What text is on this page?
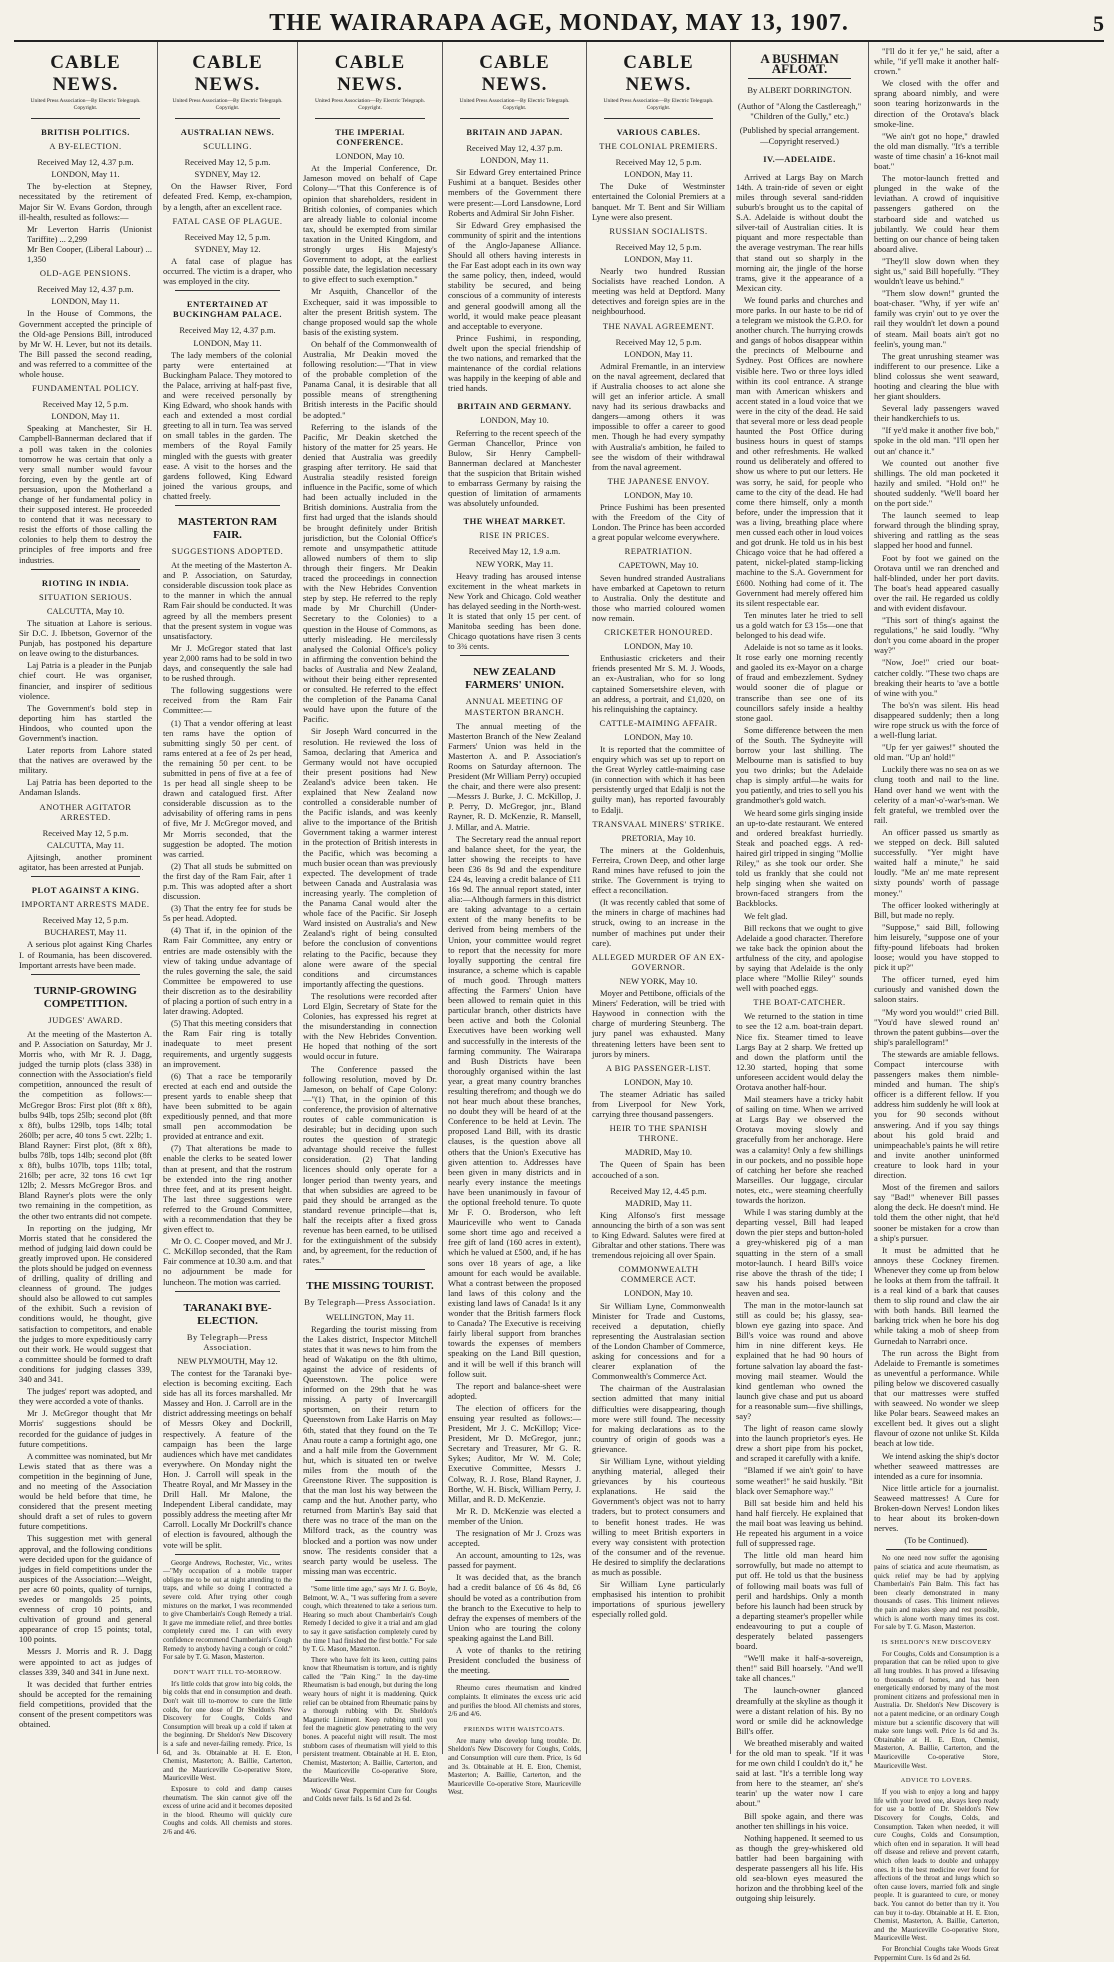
THE WAIRARAPA AGE, MONDAY, MAY 13, 1907.	5
CABLE NEWS.
United Press Association—By Electric Telegraph. Copyright.
BRITISH POLITICS.
A BY-ELECTION.
Received May 12, 4.37 p.m.
LONDON, May 11.

The by-election at Stepney, necessitated by the retirement of Major Sir W. Evans Gordon, through ill-health, resulted as follows:—

Mr Leverton Harris (Unionist Tariffite) ... 2,299
Mr Ben Cooper, (Liberal Labour) ... 1,350
OLD-AGE PENSIONS.
Received May 12, 4.37 p.m.
LONDON, May 11.

In the House of Commons, the Government accepted the principle of the Old-age Pensions Bill, introduced by Mr W. H. Lever, but not its details. The Bill passed the second reading, and was referred to a committee of the whole house.

FUNDAMENTAL POLICY.
Received May 12, 5 p.m.
LONDON, May 11.

Speaking at Manchester, Sir H. Campbell-Bannerman declared that if a poll was taken in the colonies tomorrow he was certain that only a very small number would favour forcing, even by the gentle art of persuasion, upon the Motherland a change of her fundamental policy in their supposed interest. He proceeded to contend that it was necessary to resist the efforts of those calling the colonies to help them to destroy the principles of free imports and free industries.

RIOTING IN INDIA.
SITUATION SERIOUS.
CALCUTTA, May 10.

The situation at Lahore is serious. Sir D.C. J. Ibbetson, Governor of the Punjab, has postponed his departure on leave owing to the disturbances.

Laj Patria is a pleader in the Punjab chief court. He was organiser, financier, and inspirer of seditious violence.

The Government's bold step in deporting him has startled the Hindoos, who counted upon the Government's inaction.

Later reports from Lahore stated that the natives are overawed by the military.

Laj Patria has been deported to the Andaman Islands.

ANOTHER AGITATOR ARRESTED.
Received May 12, 5 p.m.
CALCUTTA, May 11.

Ajitsingh, another prominent agitator, has been arrested at Punjab.

PLOT AGAINST A KING.
IMPORTANT ARRESTS MADE.
Received May 12, 5 p.m.
BUCHAREST, May 11.

A serious plot against King Charles I. of Roumania, has been discovered. Important arrests have been made.

TURNIP-GROWING COMPETITION.
JUDGES' AWARD.

At the meeting of the Masterton A. and P. Association on Saturday, Mr J. Morris who, with Mr R. J. Dagg, judged the turnip plots (class 338) in connection with the Association's field competition, announced the result of the competition as follows:—McGregor Bros: First plot (8ft x 8ft), bulbs 94lb, tops 25lb; second plot (8ft x 8ft), bulbs 129lb, tops 14lb; total 260lb; per acre, 40 tons 5 cwt. 22lb; 1. Bland Rayner: First plot, (8ft x 8ft), bulbs 78lb, tops 14lb; second plot (8ft x 8ft), bulbs 107lb, tops 11lb; total, 216lb; per acre, 32 tons 16 cwt 1qr 12lb; 2. Messrs McGregor Bros. and Bland Rayner's plots were the only two remaining in the competition, as the other two entrants did not compete.

In reporting on the judging, Mr Morris stated that he considered the method of judging laid down could be greatly improved upon. He considered the plots should be judged on evenness of drilling, quality of drilling and cleanness of ground. The judges should also be allowed to cut samples of the exhibit. Such a revision of conditions would, he thought, give satisfaction to competitors, and enable the judges to more expeditiously carry out their work. He would suggest that a committee should be formed to draft conditions for judging classes 339, 340 and 341.

The judges' report was adopted, and they were accorded a vote of thanks.

Mr J. McGregor thought that Mr Morris' suggestions should be recorded for the guidance of judges in future competitions.

A committee was nominated, but Mr Lewis stated that as there was a competition in the beginning of June, and no meeting of the Association would be held before that time, he considered that the present meeting should draft a set of rules to govern future competitions.

This suggestion met with general approval, and the following conditions were decided upon for the guidance of judges in field competitions under the auspices of the Association:—Weight, per acre 60 points, quality of turnips, swedes or mangolds 25 points, evenness of crop 10 points, and cultivation of ground and general appearance of crop 15 points; total, 100 points.

Messrs J. Morris and R. J. Dagg were appointed to act as judges of classes 339, 340 and 341 in June next.

It was decided that further entries should be accepted for the remaining field competitions, provided that the consent of the present competitors was obtained.

CABLE NEWS.
United Press Association—By Electric Telegraph. Copyright.
AUSTRALIAN NEWS.
SCULLING.
Received May 12, 5 p.m.
SYDNEY, May 12.

On the Hawser River, Ford defeated Fred. Kemp, ex-champion, by a length, after an excellent race.

FATAL CASE OF PLAGUE.
Received May 12, 5 p.m.
SYDNEY, May 12.

A fatal case of plague has occurred. The victim is a draper, who was employed in the city.

ENTERTAINED AT BUCKINGHAM PALACE.
Received May 12, 4.37 p.m.
LONDON, May 11.

The lady members of the colonial party were entertained at Buckingham Palace. They motored to the Palace, arriving at half-past five, and were received personally by King Edward, who shook hands with each and extended a most cordial greeting to all in turn. Tea was served on small tables in the garden. The members of the Royal Family mingled with the guests with greater ease. A visit to the horses and the gardens followed, King Edward joined the various groups, and chatted freely.

MASTERTON RAM FAIR.
SUGGESTIONS ADOPTED.

At the meeting of the Masterton A. and P. Association, on Saturday, considerable discussion took place as to the manner in which the annual Ram Fair should be conducted. It was agreed by all the members present that the present system in vogue was unsatisfactory.

Mr J. McGregor stated that last year 2,000 rams had to be sold in two days, and consequently the sale had to be rushed through.

The following suggestions were received from the Ram Fair Committee:—

(1) That a vendor offering at least ten rams have the option of submitting singly 50 per cent. of rams entered at a fee of 2s per head, the remaining 50 per cent. to be submitted in pens of five at a fee of 1s per head all single sheep to be drawn and catalogued first. After considerable discussion as to the advisability of offering rams in pens of five, Mr J. McGregor moved, and Mr Morris seconded, that the suggestion be adopted. The motion was carried.

(2) That all studs be submitted on the first day of the Ram Fair, after 1 p.m. This was adopted after a short discussion.

(3) That the entry fee for studs be 5s per head. Adopted.

(4) That if, in the opinion of the Ram Fair Committee, any entry or entries are made ostensibly with the view of taking undue advantage of the rules governing the sale, the said Committee be empowered to use their discretion as to the desirability of placing a portion of such entry in a later drawing. Adopted.

(5) That this meeting considers that the Ram Fair ring is totally inadequate to meet present requirements, and urgently suggests an improvement.

(6) That a race be temporarily erected at each end and outside the present yards to enable sheep that have been submitted to be again expeditiously penned, and that more small pen accommodation be provided at entrance and exit.

(7) That alterations be made to enable the clerks to be seated lower than at present, and that the rostrum be extended into the ring another three feet, and at its present height. The last three suggestions were referred to the Ground Committee, with a recommendation that they be given effect to.

Mr O. C. Cooper moved, and Mr J. C. McKillop seconded, that the Ram Fair commence at 10.30 a.m. and that no adjournment be made for luncheon. The motion was carried.

TARANAKI BYE-ELECTION.
By Telegraph—Press Association.
NEW PLYMOUTH, May 12.

The contest for the Taranaki bye-election is becoming exciting. Each side has all its forces marshalled. Mr Massey and Hon. J. Carroll are in the district addressing meetings on behalf of Messrs Okey and Dockrill, respectively. A feature of the campaign has been the large audiences which have met candidates everywhere. On Monday night the Hon. J. Carroll will speak in the Theatre Royal, and Mr Massey in the Drill Hall. Mr Malone, the Independent Liberal candidate, may possibly address the meeting after Mr Carroll. Locally Mr Dockrill's chance of election is favoured, although the vote will be split.

George Andrews, Rochester, Vic., writes —"My occupation of a mobile trapper obliges me to be out at night attending to the traps, and while so doing I contracted a severe cold. After trying other cough mixtures on the market, I was recommended to give Chamberlain's Cough Remedy a trial. It gave me immediate relief, and three bottles completely cured me. I can with every confidence recommend Chamberlain's Cough Remedy to anybody having a cough or cold." For sale by T. G. Mason, Masterton.

DON'T WAIT TILL TO-MORROW.

It's little colds that grow into big colds, the big colds that end in consumption and death. Don't wait till to-morrow to cure the little colds, for one dose of Dr Sheldon's New Discovery for Coughs, Colds and Consumption will break up a cold if taken at the beginning. Dr Sheldon's New Discovery is a safe and never-failing remedy. Price, 1s 6d, and 3s. Obtainable at H. E. Eton, Chemist, Masterton; A. Baillie, Carterton, and the Mauriceville Co-operative Store, Mauriceville West.

Exposure to cold and damp causes rheumatism. The skin cannot give off the excess of urine acid and it becomes deposited in the blood. Rheumo will quickly cure Coughs and colds. All chemists and stores. 2/6 and 4/6.

CABLE NEWS.
United Press Association—By Electric Telegraph. Copyright.
THE IMPERIAL CONFERENCE.
LONDON, May 10.

At the Imperial Conference, Dr. Jameson moved on behalf of Cape Colony—"That this Conference is of opinion that shareholders, resident in British colonies, of companies which are already liable to colonial income tax, should be exempted from similar taxation in the United Kingdom, and strongly urges His Majesty's Government to adopt, at the earliest possible date, the legislation necessary to give effect to such exemption."

Mr Asquith, Chancellor of the Exchequer, said it was impossible to alter the present British system. The change proposed would sap the whole basis of the existing system.

On behalf of the Commonwealth of Australia, Mr Deakin moved the following resolution:—"That in view of the probable completion of the Panama Canal, it is desirable that all possible means of strengthening British interests in the Pacific should be adopted."

Referring to the islands of the Pacific, Mr Deakin sketched the history of the matter for 25 years. He denied that Australia was greedily grasping after territory. He said that Australia steadily resisted foreign influence in the Pacific, some of which had been actually included in the British dominions. Australia from the first had urged that the islands should be brought definitely under British jurisdiction, but the Colonial Office's remote and unsympathetic attitude allowed numbers of them to slip through their fingers. Mr Deakin traced the proceedings in connection with the New Hebrides Convention step by step. He referred to the reply made by Mr Churchill (Under-Secretary to the Colonies) to a question in the House of Commons, as utterly misleading. He mercilessly analysed the Colonial Office's policy in affirming the convention behind the backs of Australia and New Zealand, without their being either represented or consulted. He referred to the effect the completion of the Panama Canal would have upon the future of the Pacific.

Sir Joseph Ward concurred in the resolution. He reviewed the loss of Samoa, declaring that America and Germany would not have occupied their present positions had New Zealand's advice been taken. He explained that New Zealand now controlled a considerable number of the Pacific islands, and was keenly alive to the importance of the British Government taking a warmer interest in the protection of British interests in the Pacific, which was becoming a much busier ocean than was previously expected. The development of trade between Canada and Australasia was increasing yearly. The completion of the Panama Canal would alter the whole face of the Pacific. Sir Joseph Ward insisted on Australia's and New Zealand's right of being consulted before the conclusion of conventions relating to the Pacific, because they alone were aware of the special conditions and circumstances importantly affecting the questions.

The resolutions were recorded after Lord Elgin, Secretary of State for the Colonies, has expressed his regret at the misunderstanding in connection with the New Hebrides Convention. He hoped that nothing of the sort would occur in future.

The Conference passed the following resolution, moved by Dr. Jameson, on behalf of Cape Colony:—"(1) That, in the opinion of this conference, the provision of alternative routes of cable communication is desirable; but in deciding upon such routes the question of strategic advantage should receive the fullest consideration. (2) That landing licences should only operate for a longer period than twenty years, and that when subsidies are agreed to be paid they should be arranged as the standard revenue principle—that is, half the receipts after a fixed gross revenue has been earned, to be utilised for the extinguishment of the subsidy and, by agreement, for the reduction of rates."

THE MISSING TOURIST.
By Telegraph—Press Association.
WELLINGTON, May 11.

Regarding the tourist missing from the Lakes district, Inspector Mitchell states that it was news to him from the head of Wakatipu on the 8th ultimo, against the advice of residents of Queenstown. The police were informed on the 29th that he was missing. A party of Invercargill sportsmen, on their return to Queenstown from Lake Harris on May 6th, stated that they found on the Te Anau route a camp a fortnight ago, one and a half mile from the Government hut, which is situated ten or twelve miles from the mouth of the Greenstone River. The supposition is that the man lost his way between the camp and the hut. Another party, who returned from Martin's Bay said that there was no trace of the man on the Milford track, as the country was blocked and a portion was now under snow. The residents consider that a search party would be useless. The missing man was eccentric.

"Some little time ago," says Mr J. G. Boyle, Belmont, W. A., "I was suffering from a severe cough, which threatened to take a serious turn. Hearing so much about Chamberlain's Cough Remedy I decided to give it a trial and am glad to say it gave satisfaction completely cured by the time I had finished the first bottle." For sale by T. G. Mason, Masterton.

There who have felt its keen, cutting pains know that Rheumatism is torture, and is rightly called the "Pain King." In the day-time Rheumatism is bad enough, but during the long weary hours of night it is maddening. Quick relief can be obtained from Rheumatic pains by a thorough rubbing with Dr. Sheldon's Magnetic Liniment. Keep rubbing until you feel the magnetic glow penetrating to the very bones. A peaceful night will result. The most stubborn cases of rheumatism will yield to this persistent treatment. Obtainable at H. E. Eton, Chemist, Masterton; A. Baillie, Carterton, and the Mauriceville Co-operative Store, Mauriceville West.

Woods' Great Peppermint Cure for Coughs and Colds never fails. 1s 6d and 2s 6d.

CABLE NEWS.
United Press Association—By Electric Telegraph. Copyright.
BRITAIN AND JAPAN.
Received May 12, 4.37 p.m.
LONDON, May 11.

Sir Edward Grey entertained Prince Fushimi at a banquet. Besides other members of the Government there were present:—Lord Lansdowne, Lord Roberts and Admiral Sir John Fisher.

Sir Edward Grey emphasised the community of spirit and the intentions of the Anglo-Japanese Alliance. Should all others having interests in the Far East adopt each in its own way the same policy, then, indeed, would stability be secured, and being conscious of a community of interests and general goodwill among all the world, it would make peace pleasant and acceptable to everyone.

Prince Fushimi, in responding, dwelt upon the special friendship of the two nations, and remarked that the maintenance of the cordial relations was happily in the keeping of able and tried hands.

BRITAIN AND GERMANY.
LONDON, May 10.

Referring to the recent speech of the German Chancellor, Prince von Bulow, Sir Henry Campbell-Bannerman declared at Manchester that the suspicion that Britain wished to embarrass Germany by raising the question of limitation of armaments was absolutely unfounded.

THE WHEAT MARKET.
RISE IN PRICES.
Received May 12, 1.9 a.m.
NEW YORK, May 11.

Heavy trading has aroused intense excitement in the wheat markets in New York and Chicago. Cold weather has delayed seeding in the North-west. It is stated that only 15 per cent. of Manitoba seeding has been done. Chicago quotations have risen 3 cents to 3¾ cents.

NEW ZEALAND FARMERS' UNION.
ANNUAL MEETING OF MASTERTON BRANCH.

The annual meeting of the Masterton Branch of the New Zealand Farmers' Union was held in the Masterton A. and P. Association's Rooms on Saturday afternoon. The President (Mr William Perry) occupied the chair, and there were also present:—Messrs J. Burke, J. C. McKillop, J. P. Perry, D. McGregor, jnr., Bland Rayner, R. D. McKenzie, R. Mansell, J. Millar, and A. Matrie.

The Secretary read the annual report and balance sheet, for the year, the latter showing the receipts to have been £36 8s 9d and the expenditure £24 4s, leaving a credit balance of £11 16s 9d. The annual report stated, inter alia:—Although farmers in this district are taking advantage to a certain extent of the many benefits to be derived from being members of the Union, your committee would regret to report that the necessity for more loyally supporting the central fire insurance, a scheme which is capable of much good. Through matters affecting the Farmers' Union have been allowed to remain quiet in this particular branch, other districts have been active and both the Colonial Executives have been working well and successfully in the interests of the farming community. The Wairarapa and Bush Districts have been thoroughly organised within the last year, a great many country branches resulting therefrom; and though we do not hear much about these branches, no doubt they will be heard of at the Conference to be held at Levin. The proposed Land Bill, with its drastic clauses, is the question above all others that the Union's Executive has given attention to. Addresses have been given in many districts and in nearly every instance the meetings have been unanimously in favour of the optional freehold tenure. To quote Mr F. O. Broderson, who left Mauriceville who went to Canada some short time ago and received a free gift of land (160 acres in extent), which he valued at £500, and, if he has sons over 18 years of age, a like amount for each would be available. What a contrast between the proposed land laws of this colony and the existing land laws of Canada! Is it any wonder that the British farmers flock to Canada? The Executive is receiving fairly liberal support from branches towards the expenses of members speaking on the Land Bill question, and it will be well if this branch will follow suit.

The report and balance-sheet were adopted.

The election of officers for the ensuing year resulted as follows:—President, Mr J. C. McKillop; Vice-President, Mr D. McGregor, junr.; Secretary and Treasurer, Mr G. R. Sykes; Auditor, Mr W. M. Cole; Executive Committee, Messrs J. Colway, R. J. Rose, Bland Rayner, J. Borthe, W. H. Bisck, William Perry, J. Millar, and R. D. McKenzie.

Mr R. D. McKenzie was elected a member of the Union.

The resignation of Mr J. Crozs was accepted.

An account, amounting to 12s, was passed for payment.

It was decided that, as the branch had a credit balance of £6 4s 8d, £6 should be voted as a contribution from the branch to the Executive to help to defray the expenses of members of the Union who are touring the colony speaking against the Land Bill.

A vote of thanks to the retiring President concluded the business of the meeting.

Rheumo cures rheumatism and kindred complaints. It eliminates the excess uric acid and purifies the blood. All chemists and stores, 2/6 and 4/6.

FRIENDS WITH WAISTCOATS.

Are many who develop lung trouble. Dr. Sheldon's New Discovery for Coughs, Colds, and Consumption will cure them. Price, 1s 6d and 3s. Obtainable at H. E. Eton, Chemist, Masterton; A. Baillie, Carterton, and the Mauriceville Co-operative Store, Mauriceville West.

CABLE NEWS.
United Press Association—By Electric Telegraph. Copyright.
VARIOUS CABLES.
THE COLONIAL PREMIERS.
Received May 12, 5 p.m.
LONDON, May 11.

The Duke of Westminster entertained the Colonial Premiers at a banquet. Mr T. Bent and Sir William Lyne were also present.

RUSSIAN SOCIALISTS.
Received May 12, 5 p.m.
LONDON, May 11.

Nearly two hundred Russian Socialists have reached London. A meeting was held at Deptford. Many detectives and foreign spies are in the neighbourhood.

THE NAVAL AGREEMENT.
Received May 12, 5 p.m.
LONDON, May 11.

Admiral Fremantle, in an interview on the naval agreement, declared that if Australia chooses to act alone she will get an inferior article. A small navy had its serious drawbacks and dangers—among others it was impossible to offer a career to good men. Though he had every sympathy with Australia's ambition, he failed to see the wisdom of their withdrawal from the naval agreement.

THE JAPANESE ENVOY.
LONDON, May 10.

Prince Fushimi has been presented with the Freedom of the City of London. The Prince has been accorded a great popular welcome everywhere.

REPATRIATION.
CAPETOWN, May 10.

Seven hundred stranded Australians have embarked at Capetown to return to Australia. Only the destitute and those who married coloured women now remain.

CRICKETER HONOURED.
LONDON, May 10.

Enthusiastic cricketers and their friends presented Mr S. M. J. Woods, an ex-Australian, who for so long captained Somersetshire eleven, with an address, a portrait, and £1,020, on his relinquishing the captaincy.

CATTLE-MAIMING AFFAIR.
LONDON, May 10.

It is reported that the committee of enquiry which was set up to report on the Great Wyrley cattle-maiming case (in connection with which it has been persistently urged that Edalji is not the guilty man), has reported favourably to Edalji.

TRANSVAAL MINERS' STRIKE.
PRETORIA, May 10.

The miners at the Goldenhuis, Ferreira, Crown Deep, and other large Rand mines have refused to join the strike. The Government is trying to effect a reconciliation.

(It was recently cabled that some of the miners in charge of machines had struck, owing to an increase in the number of machines put under their care).

ALLEGED MURDER OF AN EX-GOVERNOR.
NEW YORK, May 10.

Moyer and Pettibone, officials of the Miners' Federation, will be tried with Haywood in connection with the charge of murdering Steunberg. The jury panel was exhausted. Many threatening letters have been sent to jurors by miners.

A BIG PASSENGER-LIST.
LONDON, May 10.

The steamer Adriatic has sailed from Liverpool for New York, carrying three thousand passengers.

HEIR TO THE SPANISH THRONE.
MADRID, May 10.

The Queen of Spain has been accouched of a son.

Received May 12, 4.45 p.m.
MADRID, May 11.

King Alfonso's first message announcing the birth of a son was sent to King Edward. Salutes were fired at Gibraltar and other stations. There was tremendous rejoicing all over Spain.

COMMONWEALTH COMMERCE ACT.
LONDON, May 10.

Sir William Lyne, Commonwealth Minister for Trade and Customs, received a deputation, chiefly representing the Australasian section of the London Chamber of Commerce, asking for concessions and for a clearer explanation of the Commonwealth's Commerce Act.

The chairman of the Australasian section admitted that many initial difficulties were disappearing, though more were still found. The necessity for making declarations as to the country of origin of goods was a grievance.

Sir William Lyne, without yielding anything material, alleged their grievances by his courteous explanations. He said the Government's object was not to harry traders, but to protect consumers and to benefit honest trades. He was willing to meet British exporters in every way consistent with protection of the consumer and of the revenue. He desired to simplify the declarations as much as possible.

Sir William Lyne particularly emphasised his intention to prohibit importations of spurious jewellery especially rolled gold.

A BUSHMAN AFLOAT.
By ALBERT DORRINGTON.
(Author of "Along the Castlereagh," "Children of the Gully," etc.)
(Published by special arrangement. —Copyright reserved.)
IV.—ADELAIDE.

Arrived at Largs Bay on March 14th. A train-ride of seven or eight miles through several sand-ridden suburb's brought us to the capital of S.A. Adelaide is without doubt the silver-tail of Australian cities. It is piquant and more respectable than the average vestryman. The rear hills that stand out so sharply in the morning air, the jingle of the horse trams, give it the appearance of a Mexican city.

We found parks and churches and more parks. In our haste to be rid of a telegram we mistook the G.P.O. for another church. The hurrying crowds and gangs of hobos disappear within the precincts of Melbourne and Sydney. Post Offices are nowhere visible here. Two or three loys idled within its cool entrance. A strange man with American whiskers and accent stated in a loud voice that we were in the city of the dead. He said that several more or less dead people haunted the Post Office during business hours in quest of stamps and other refreshments. He walked round us deliberately and offered to show us where to put our letters. He was sorry, he said, for people who came to the city of the dead. He had come there himself, only a month before, under the impression that it was a living, breathing place where men cussed each other in loud voices and got drunk. He told us in his best Chicago voice that he had offered a patent, nickel-plated stamp-licking machine to the S.A. Government for £600. Nothing had come of it. The Government had merely offered him its silent respectable ear.

Ten minutes later he tried to sell us a gold watch for £3 15s—one that belonged to his dead wife.

Adelaide is not so tame as it looks. It rose early one morning recently and gaoled its ex-Mayor on a charge of fraud and embezzlement. Sydney would sooner die of plague or transcribe than see one of its councillors safely inside a healthy stone gaol.

Some difference between the men of the South. The Sydneyite will borrow your last shilling. The Melbourne man is satisfied to buy you two drinks; but the Adelaide chap is simply artful—he waits for you patiently, and tries to sell you his grandmother's gold watch.

We heard some girls singing inside an up-to-date restaurant. We entered and ordered breakfast hurriedly. Steak and poached eggs. A red-haired girl tripped in singing "Mollie Riley," as she took our order. She told us frankly that she could not help singing when she waited on brown-faced strangers from the Backblocks.

We felt glad.

Bill reckons that we ought to give Adelaide a good character. Therefore we take back the opinion about the artfulness of the city, and apologise by saying that Adelaide is the only place where "Mollie Riley" sounds well with poached eggs.

THE BOAT-CATCHER.

We returned to the station in time to see the 12 a.m. boat-train depart. Nice fix. Steamer timed to leave Largs Bay at 2 sharp. We fretted up and down the platform until the 12.30 started, hoping that some unforeseen accident would delay the Orotava another half-hour.

Mail steamers have a tricky habit of sailing on time. When we arrived at Largs Bay we observed the Orotava moving slowly and gracefully from her anchorage. Here was a calamity! Only a few shillings in our pockets, and no possible hope of catching her before she reached Marseilles. Our luggage, circular notes, etc., were steaming cheerfully towards the horizon.

While I was staring dumbly at the departing vessel, Bill had leaped down the pier steps and button-holed a grey-whiskered pig of a man squatting in the stern of a small motor-launch. I heard Bill's voice rise above the thrash of the tide; I saw his hands poised between heaven and sea.

The man in the motor-launch sat still as could be; his glassy, sea-blown eye gazing into space. And Bill's voice was round and above him in nine different keys. He explained that he had 90 hours of fortune salvation lay aboard the fast-moving mail steamer. Would the kind gentleman who owned the launch give chase and put us aboard for a reasonable sum—five shillings, say?

The light of reason came slowly into the launch proprietor's eyes. He drew a short pipe from his pocket, and scraped it carefully with a knife.

"Blamed if we ain't goin' to have some weather!" he said huskily. "Bit black over Semaphore way."

Bill sat beside him and held his hand half fiercely. He explained that the mail boat was leaving us behind. He repeated his argument in a voice full of suppressed rage.

The little old man heard him sorrowfully, but made no attempt to put off. He told us that the business of following mail boats was full of peril and hardships. Only a month before his launch had been struck by a departing steamer's propeller while endeavouring to put a couple of desperately belated passengers board.

"We'll make it half-a-sovereign, then!" said Bill hoarsely. "And we'll take all chances."

The launch-owner glanced dreamfully at the skyline as though it were a distant relation of his. By no word or smile did he acknowledge Bill's offer.

We breathed miserably and waited for the old man to speak. "If it was for me own child I couldn't do it," he said at last. "It's a terrible long way from here to the steamer, an' she's tearin' up the water now I care about."

Bill spoke again, and there was another ten shillings in his voice.

Nothing happened. It seemed to us as though the grey-whiskered old battler had been bargaining with desperate passengers all his life. His old sea-blown eyes measured the horizon and the throbbing keel of the outgoing ship leisurely.

"I'll do it fer ye," he said, after a while, "if ye'll make it another half-crown."

We closed with the offer and sprang aboard nimbly, and were soon tearing horizonwards in the direction of the Orotava's black smoke-line.

"We ain't got no hope," drawled the old man dismally. "It's a terrible waste of time chasin' a 16-knot mail boat."

The motor-launch fretted and plunged in the wake of the leviathan. A crowd of inquisitive passengers gathered on the starboard side and watched us jubilantly. We could hear them betting on our chance of being taken aboard alive.

"They'll slow down when they sight us," said Bill hopefully. "They wouldn't leave us behind."

"Them slow down!" grunted the boat-chaser. "Why, if yer wife an' family was cryin' out to ye over the rail they wouldn't let down a pound of steam. Mail boats ain't got no feelin's, young man."

The great unrushing steamer was indifferent to our presence. Like a blind colossus she went seaward, hooting and clearing the blue with her giant shoulders.

Several lady passengers waved their handkerchiefs to us.

"If ye'd make it another five bob," spoke in the old man. "I'll open her out an' chance it."

We counted out another five shillings. The old man pocketed it hazily and smiled. "Hold on!" he shouted suddenly. "We'll board her on the port side."

The launch seemed to leap forward through the blinding spray, shivering and rattling as the seas slapped her hood and funnel.

Foot by foot we gained on the Orotava until we ran drenched and half-blinded, under her port davits. The boat's head appeared casually over the rail. He regarded us coldly and with evident disfavour.

"This sort of thing's against the regulations," he said loudly. "Why don't you come aboard in the proper way?"

"Now, Joe!" cried our boat-catcher coldly. "These two chaps are breaking their hearts to 'ave a bottle of wine with you."

The bo's'n was silent. His head disappeared suddenly; then a long wire rope struck us with the force of a well-flung lariat.

"Up fer yer gaiwes!" shouted the old man. "Up an' hold!"

Luckily there was no sea on as we clung tooth and nail to the line. Hand over hand we went with the celerity of a man'-o'-war's-man. We felt grateful, we trembled over the rail.

An officer passed us smartly as we stepped on deck. Bill saluted successfully. "Yer might have waited half a minute," he said loudly. "Me an' me mate represent sixty pounds' worth of passage money."

The officer looked witheringly at Bill, but made no reply.

"Suppose," said Bill, following him leisurely, "suppose one of your fifty-pound lifeboats had broken loose; would you have stopped to pick it up?"

The officer turned, eyed him curiously and vanished down the saloon stairs.

"My word you would!" cried Bill. "You'd have slewed round an' thrown the patent gubbins—over the ship's paralellogram!"

The stewards are amiable fellows. Compact intercourse with passengers makes them nimble-minded and human. The ship's officer is a different fellow. If you address him suddenly he will look at you for 90 seconds without answering. And if you say things about his gold braid and unimpeachable's paints he will retire and invite another uninformed creature to look hard in your direction.

Most of the firemen and sailors say "Bad!" whenever Bill passes along the deck. He doesn't mind. He told them the other night, that he'd sooner be mistaken for a crow than a ship's pursuer.

It must be admitted that he annoys these Cockney firemen. Whenever they come up from below he looks at them from the taffrail. It is a real kind of a bark that causes them to slip round and claw the air with both hands. Bill learned the barking trick when he bore his dog while taking a mob of sheep from Gurnedah to Narrabri once.

The run across the Bight from Adelaide to Fremantle is sometimes as uneventful a performance. While piling below we discovered casually that our mattresses were stuffed with seaweed. No wonder we sleep like Polar bears. Seaweed makes an excellent bed. It gives out a slight flavour of ozone not unlike St. Kilda beach at low tide.

We intend asking the ship's doctor whether seaweed mattresses are intended as a cure for insomnia.

Nice little article for a journalist. Seaweed mattresses! A Cure for Broken-down Nerves! London likes to hear about its broken-down nerves.

(To be Continued).

No one need now suffer the agonising pains of sciatica and acute rheumatism, as quick relief may be had by applying Chamberlain's Pain Balm. This fact has been clearly demonstrated in many thousands of cases. This liniment relieves the pain and makes sleep and rest possible, which is alone worth many times its cost. For sale by T. G. Mason, Masterton.

IS SHELDON'S NEW DISCOVERY

For Coughs, Colds and Consumption is a preparation that can be relied upon to give all lung troubles. It has proved a lifesaving to thousands of homes, and has been energetically endorsed by many of the most prominent citizens and professional men in Australia. Dr. Sheldon's New Discovery is not a patent medicine, or an ordinary Cough mixture but a scientific discovery that will make sore lungs well. Price 1s 6d and 3s. Obtainable at H. E. Eton, Chemist, Masterton, A. Baillie, Carterton, and the Mauriceville Co-operative Store, Mauriceville West.

ADVICE TO LOVERS.

If you wish to enjoy a long and happy life with your loved one, always keep ready for use a bottle of Dr. Sheldon's New Discovery for Coughs, Colds, and Consumption. Taken when needed, it will cure Coughs, Colds and Consumption, which often end in separation. It will head off disease and relieve and prevent catarrh, which often leads to double and unhappy ones. It is the best medicine ever found for affections of the throat and lungs which so often cause lovers, married folk and single people. It is guaranteed to cure, or money back. You cannot do better than try it. You can buy it to-day. Obtainable at H. E. Eton, Chemist, Masterton, A. Baillie, Carterton, and the Mauriceville Co-operative Store, Mauriceville West.

For Bronchial Coughs take Woods Great Peppermint Cure. 1s 6d and 2s 6d.
